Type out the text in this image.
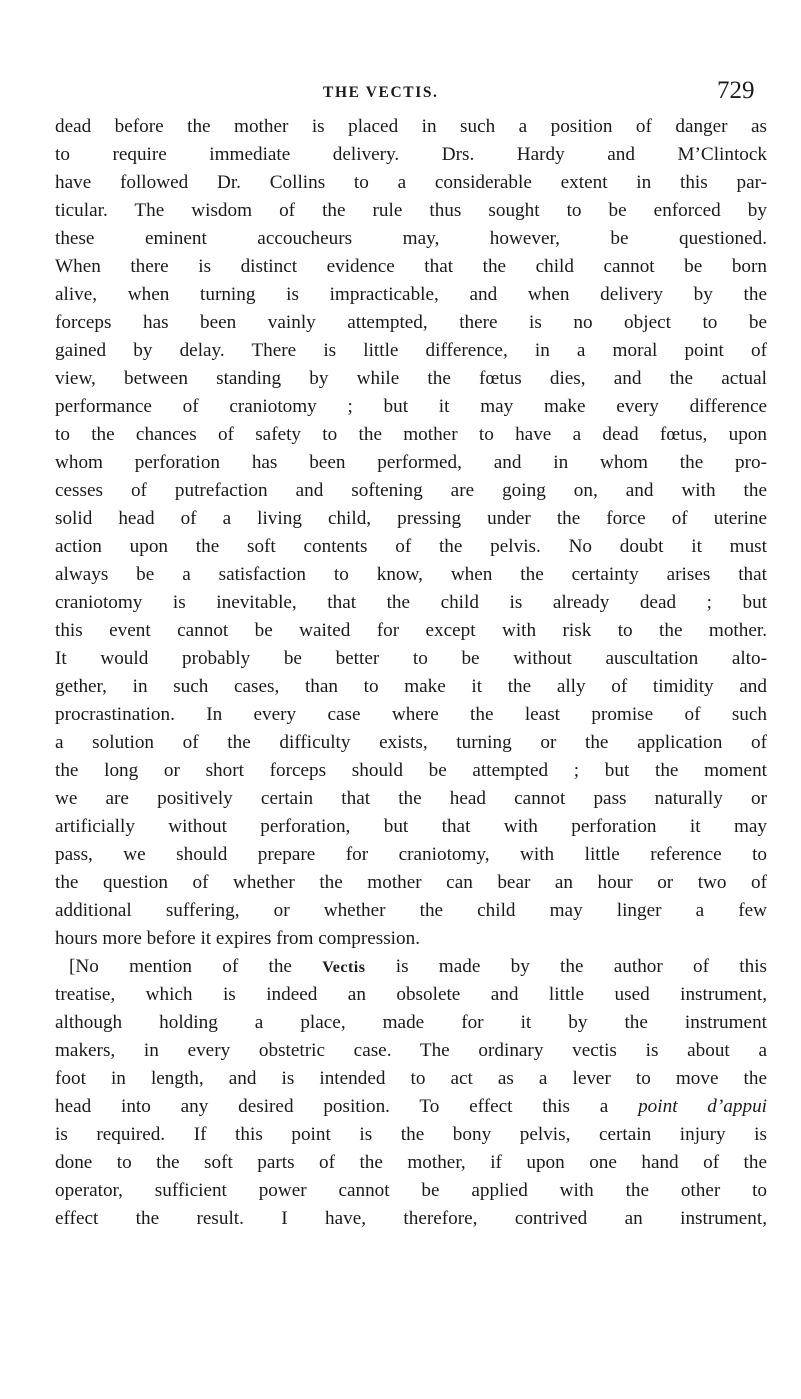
THE VECTIS.	729
dead before the mother is placed in such a position of danger as
to require immediate delivery. Drs. Hardy and M’Clintock
have followed Dr. Collins to a considerable extent in this par-
ticular. The wisdom of the rule thus sought to be enforced by
these eminent accoucheurs may, however, be questioned.
When there is distinct evidence that the child cannot be born
alive, when turning is impracticable, and when delivery by the
forceps has been vainly attempted, there is no object to be
gained by delay. There is little difference, in a moral point of
view, between standing by while the fœtus dies, and the actual
performance of craniotomy ; but it may make every difference
to the chances of safety to the mother to have a dead fœtus, upon
whom perforation has been performed, and in whom the pro-
cesses of putrefaction and softening are going on, and with the
solid head of a living child, pressing under the force of uterine
action upon the soft contents of the pelvis. No doubt it must
always be a satisfaction to know, when the certainty arises that
craniotomy is inevitable, that the child is already dead ; but
this event cannot be waited for except with risk to the mother.
It would probably be better to be without auscultation alto-
gether, in such cases, than to make it the ally of timidity and
procrastination. In every case where the least promise of such
a solution of the difficulty exists, turning or the application of
the long or short forceps should be attempted ; but the moment
we are positively certain that the head cannot pass naturally or
artificially without perforation, but that with perforation it may
pass, we should prepare for craniotomy, with little reference to
the question of whether the mother can bear an hour or two of
additional suffering, or whether the child may linger a few
hours more before it expires from compression.
[No mention of the Vectis is made by the author of this
treatise, which is indeed an obsolete and little used instrument,
although holding a place, made for it by the instrument
makers, in every obstetric case. The ordinary vectis is about a
foot in length, and is intended to act as a lever to move the
head into any desired position. To effect this a point d’appui
is required. If this point is the bony pelvis, certain injury is
done to the soft parts of the mother, if upon one hand of the
operator, sufficient power cannot be applied with the other to
effect the result. I have, therefore, contrived an instrument,
